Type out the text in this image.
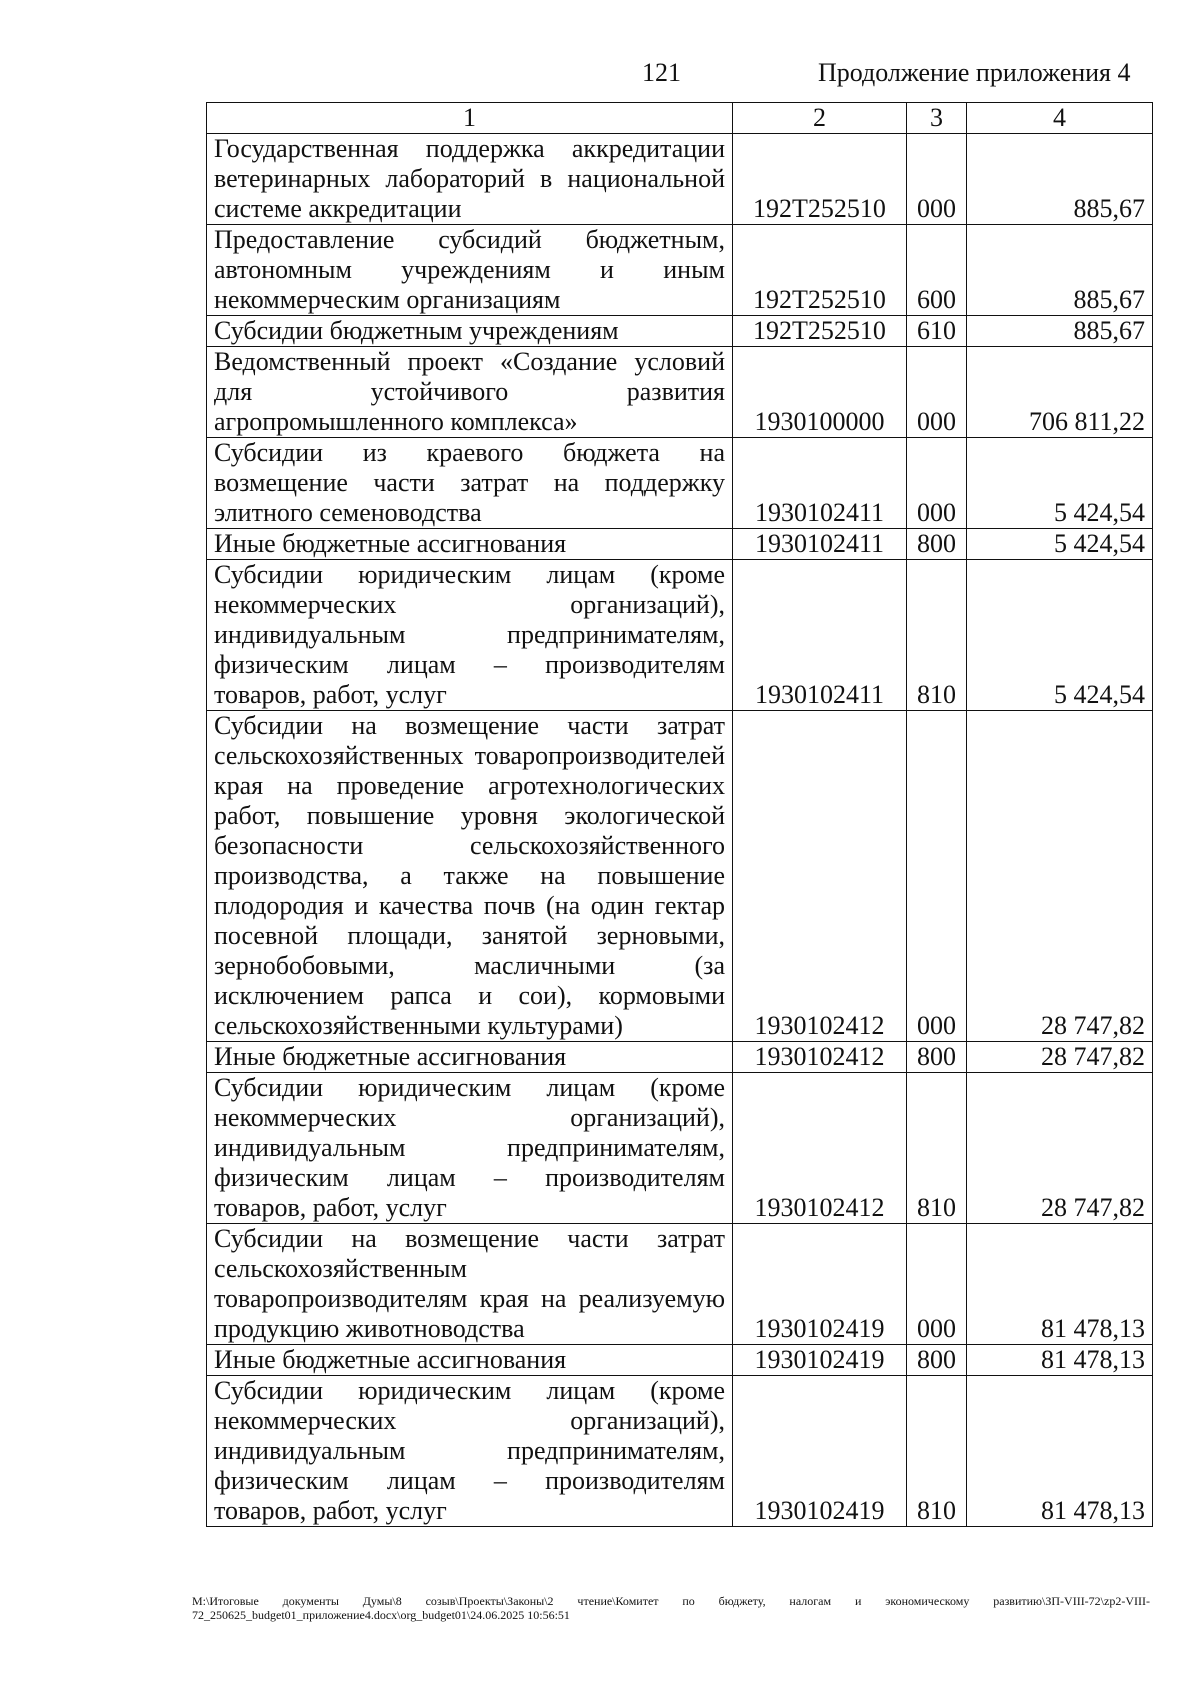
121	Продолжение приложения 4
1	2	3	4
Государственная поддержка аккредитации ветеринарных лабораторий в национальной системе аккредитации	192Т252510	000	885,67
Предоставление субсидий бюджетным, автономным учреждениям и иным некоммерческим организациям	192Т252510	600	885,67
Субсидии бюджетным учреждениям	192Т252510	610	885,67
Ведомственный проект «Создание условий для устойчивого развития агропромышленного комплекса»	1930100000	000	706 811,22
Субсидии из краевого бюджета на возмещение части затрат на поддержку элитного семеноводства	1930102411	000	5 424,54
Иные бюджетные ассигнования	1930102411	800	5 424,54
Субсидии юридическим лицам (кроме некоммерческих организаций), индивидуальным предпринимателям, физическим лицам – производителям товаров, работ, услуг	1930102411	810	5 424,54
Субсидии на возмещение части затрат сельскохозяйственных товаропроизводителей края на проведение агротехнологических работ, повышение уровня экологической безопасности сельскохозяйственного производства, а также на повышение плодородия и качества почв (на один гектар посевной площади, занятой зерновыми, зернобобовыми, масличными (за исключением рапса и сои), кормовыми сельскохозяйственными культурами)	1930102412	000	28 747,82
Иные бюджетные ассигнования	1930102412	800	28 747,82
Субсидии юридическим лицам (кроме некоммерческих организаций), индивидуальным предпринимателям, физическим лицам – производителям товаров, работ, услуг	1930102412	810	28 747,82
Субсидии на возмещение части затрат сельскохозяйственным товаропроизводителям края на реализуемую продукцию животноводства	1930102419	000	81 478,13
Иные бюджетные ассигнования	1930102419	800	81 478,13
Субсидии юридическим лицам (кроме некоммерческих организаций), индивидуальным предпринимателям, физическим лицам – производителям товаров, работ, услуг	1930102419	810	81 478,13
M:\Итоговые документы Думы\8 созыв\Проекты\Законы\2 чтение\Комитет по бюджету, налогам и экономическому развитию\ЗП-VIII-72\zp2-VIII-72_250625_budget01_приложение4.docx\org_budget01\24.06.2025 10:56:51
